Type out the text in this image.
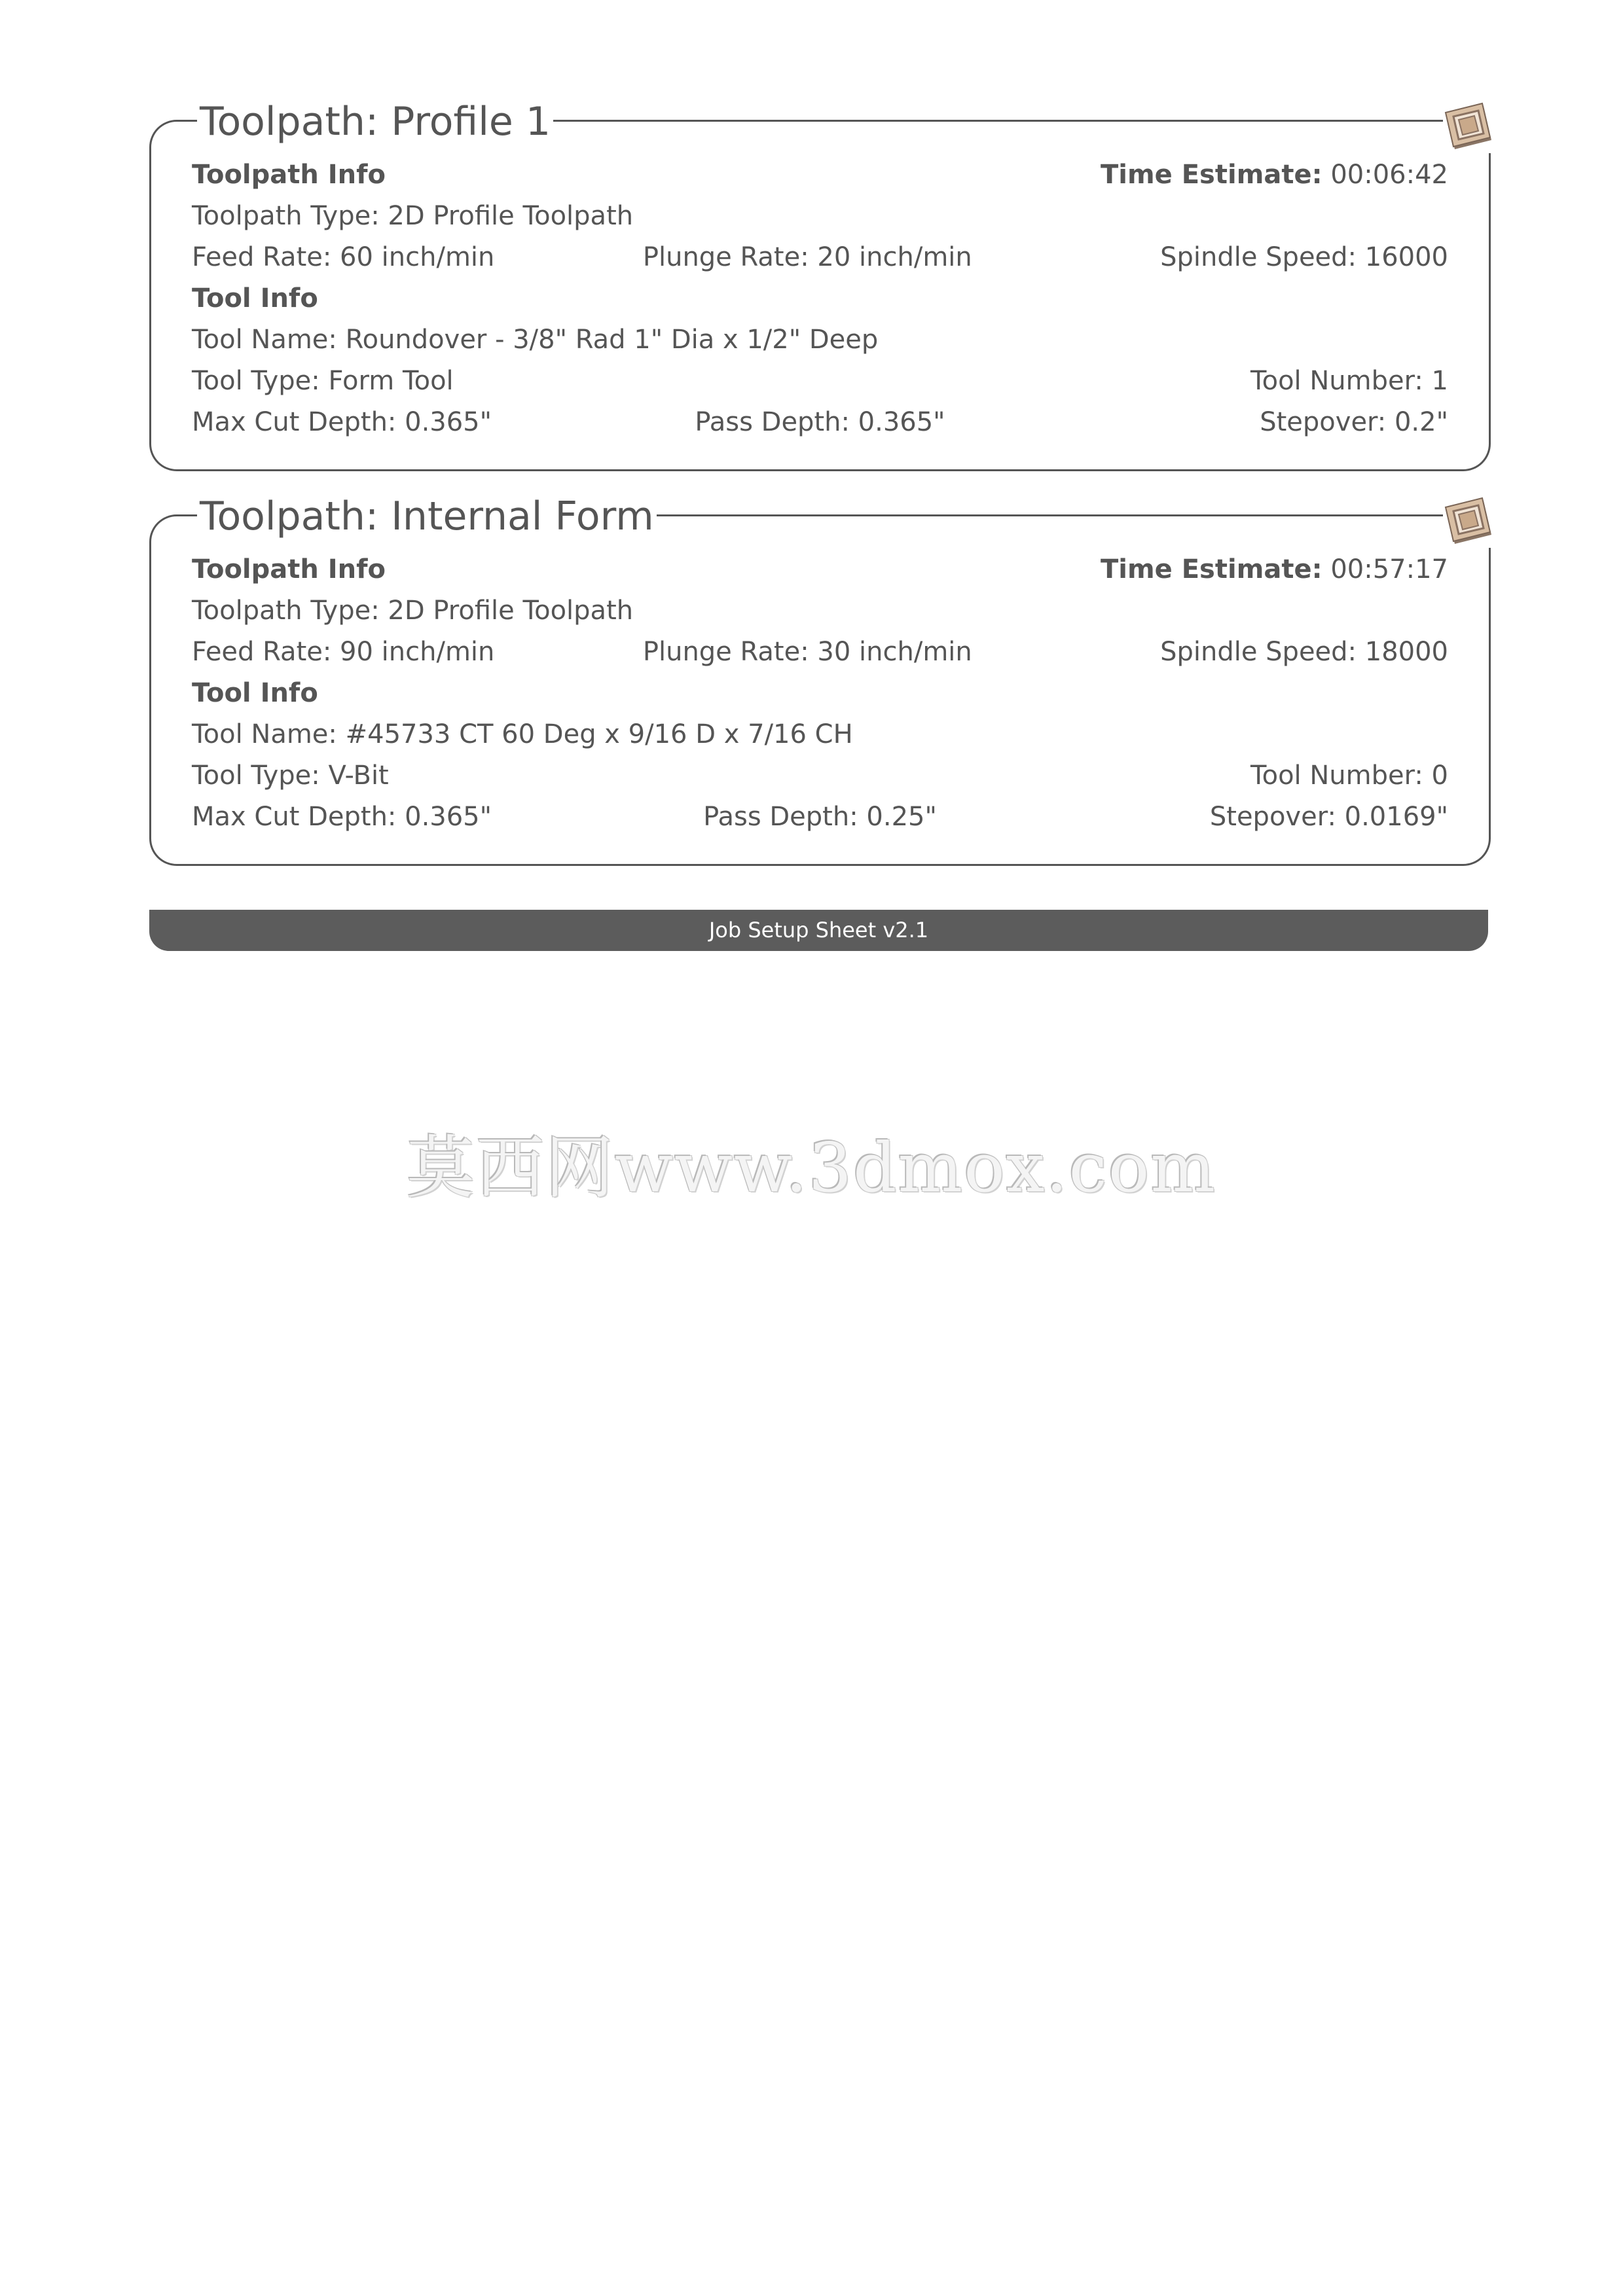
Toolpath: Profile 1
Toolpath Info	Time Estimate: 00:06:42
Toolpath Type: 2D Profile Toolpath
Feed Rate: 60 inch/min	Plunge Rate: 20 inch/min	Spindle Speed: 16000
Tool Info
Tool Name: Roundover - 3/8" Rad 1" Dia x 1/2" Deep
Tool Type: Form Tool	Tool Number: 1
Max Cut Depth: 0.365"	Pass Depth: 0.365"	Stepover: 0.2"
Toolpath: Internal Form
Toolpath Info	Time Estimate: 00:57:17
Toolpath Type: 2D Profile Toolpath
Feed Rate: 90 inch/min	Plunge Rate: 30 inch/min	Spindle Speed: 18000
Tool Info
Tool Name: #45733 CT 60 Deg x 9/16 D x 7/16 CH
Tool Type: V-Bit	Tool Number: 0
Max Cut Depth: 0.365"	Pass Depth: 0.25"	Stepover: 0.0169"
Job Setup Sheet v2.1
莫西网www.3dmox.com
